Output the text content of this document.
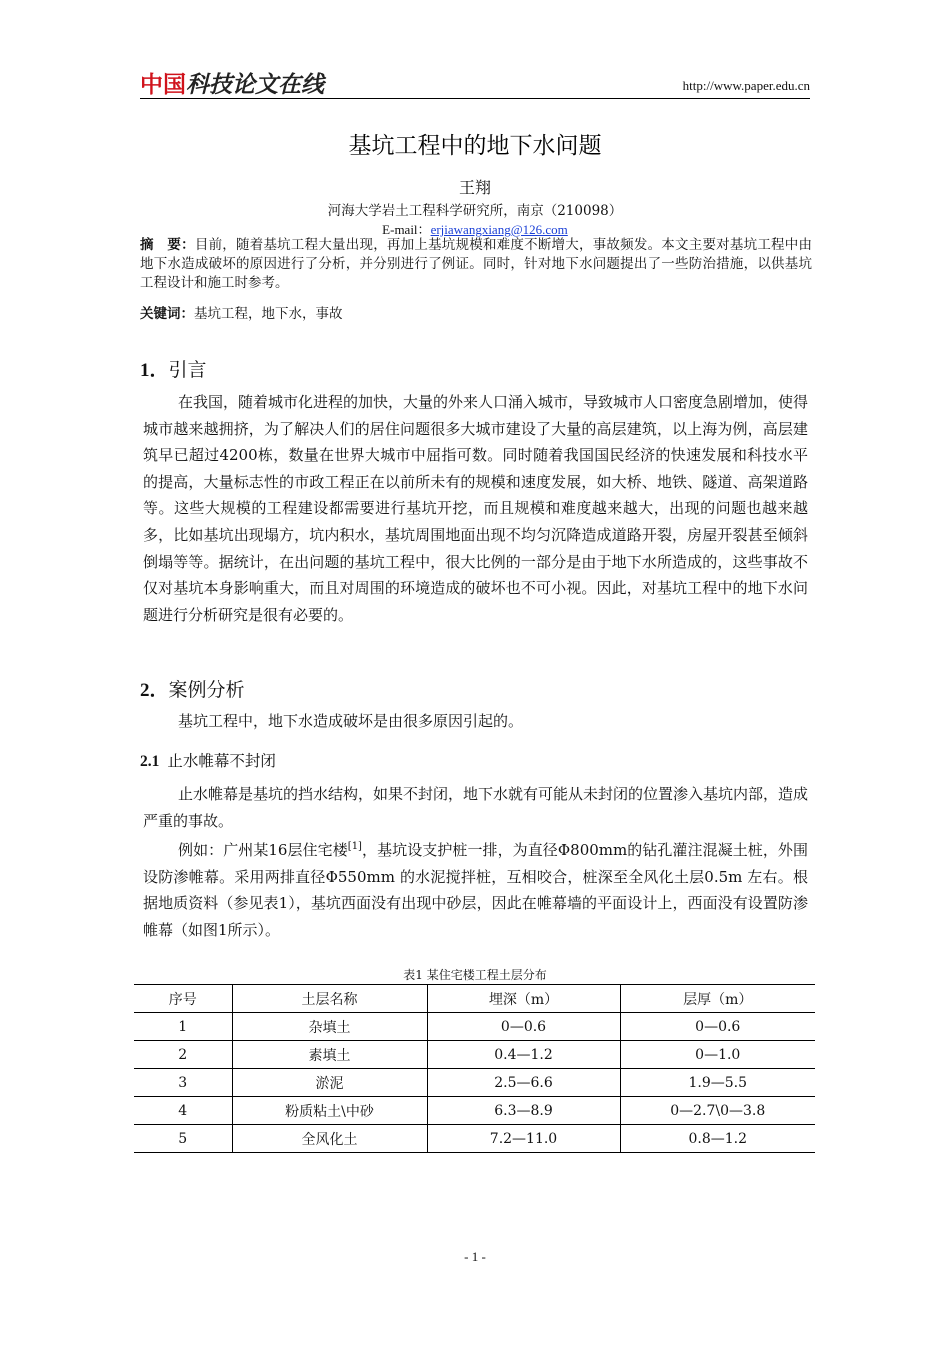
中国科技论文在线	http://www.paper.edu.cn
基坑工程中的地下水问题
王翔
河海大学岩土工程科学研究所，南京（210098）
E-mail：erjiawangxiang@126.com
摘　要：目前，随着基坑工程大量出现，再加上基坑规模和难度不断增大，事故频发。本文主要对基坑工程中由地下水造成破坏的原因进行了分析，并分别进行了例证。同时，针对地下水问题提出了一些防治措施，以供基坑工程设计和施工时参考。
关键词：基坑工程，地下水，事故
1．引言
在我国，随着城市化进程的加快，大量的外来人口涌入城市，导致城市人口密度急剧增加，使得城市越来越拥挤，为了解决人们的居住问题很多大城市建设了大量的高层建筑，以上海为例，高层建筑早已超过4200栋，数量在世界大城市中屈指可数。同时随着我国国民经济的快速发展和科技水平的提高，大量标志性的市政工程正在以前所未有的规模和速度发展，如大桥、地铁、隧道、高架道路等。这些大规模的工程建设都需要进行基坑开挖，而且规模和难度越来越大，出现的问题也越来越多，比如基坑出现塌方，坑内积水，基坑周围地面出现不均匀沉降造成道路开裂，房屋开裂甚至倾斜倒塌等等。据统计，在出问题的基坑工程中，很大比例的一部分是由于地下水所造成的，这些事故不仅对基坑本身影响重大，而且对周围的环境造成的破坏也不可小视。因此，对基坑工程中的地下水问题进行分析研究是很有必要的。
2．案例分析
基坑工程中，地下水造成破坏是由很多原因引起的。
2.1 止水帷幕不封闭
止水帷幕是基坑的挡水结构，如果不封闭，地下水就有可能从未封闭的位置渗入基坑内部，造成严重的事故。
例如：广州某16层住宅楼[1]，基坑设支护桩一排，为直径Φ800mm的钻孔灌注混凝土桩，外围设防渗帷幕。采用两排直径Φ550mm 的水泥搅拌桩，互相咬合，桩深至全风化土层0.5m 左右。根据地质资料（参见表1），基坑西面没有出现中砂层，因此在帷幕墙的平面设计上，西面没有设置防渗帷幕（如图1所示）。
表1 某住宅楼工程土层分布
序号	土层名称	埋深（m）	层厚（m）
1	杂填土	0—0.6	0—0.6
2	素填土	0.4—1.2	0—1.0
3	淤泥	2.5—6.6	1.9—5.5
4	粉质粘土\中砂	6.3—8.9	0—2.7\0—3.8
5	全风化土	7.2—11.0	0.8—1.2
- 1 -
